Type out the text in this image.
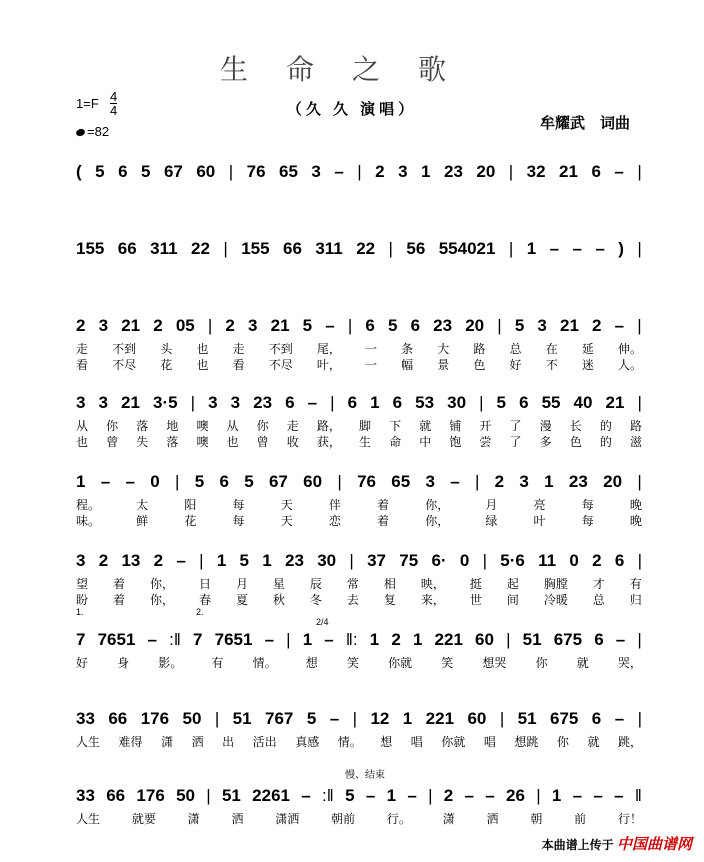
生命之歌
（久 久 演唱）
1=F 4
4
=82	牟耀武　词曲
1.	2.
2/4
慢、结束
( 5 6 5 67 60 | 76 65 3 – | 2 3 1 23 20 | 32 21 6 – |
155 66 311 22 | 155 66 311 22 | 56 554021 | 1 – – – ) |
2 3 21 2 05 | 2 3 21 5 – | 6 5 6 23 20 | 5 3 21 2 – |
走 不到 头 也 走 不到 尾， 一 条 大 路 总 在 延 伸。
看 不尽 花 也 看 不尽 叶， 一 幅 景 色 好 不 迷 人。
3 3 21 3·5 | 3 3 23 6 – | 6 1 6 53 30 | 5 6 55 40 21 |
从 你 落 地 噢 从 你 走 路， 脚 下 就 铺 开 了 漫 长 的 路
也 曾 失 落 噢 也 曾 收 获， 生 命 中 饱 尝 了 多 色 的 滋
1 – – 0 | 5 6 5 67 60 | 76 65 3 – | 2 3 1 23 20 |
程。	太	阳	每	天	伴	着	你，	月	亮	每	晚
味。	鲜	花	每	天	恋	着	你，	绿	叶	每	晚
3 2 13 2 – | 1 5 1 23 30 | 37 75 6· 0 | 5·6 11 0 2 6 |
望 着 你， 日 月 星 辰 常 相 映， 挺 起 胸膛 才 有
盼 着 你， 春 夏 秋 冬 去 复 来， 世 间 冷暖 总 归
7 7651 – :‖ 7 7651 – | 1 – ‖: 1 2 1 221 60 | 51 675 6 – |
好 身 影。 有 情。 想 笑 你就 笑 想哭 你 就 哭，
33 66 176 50 | 51 767 5 – | 12 1 221 60 | 51 675 6 – |
人生 难得 潇 洒 出 活出 真感 情。 想 唱 你就 唱 想跳 你 就 跳，
33 66 176 50 | 51 2261 – :‖ 5 – 1 – | 2 – – 26 | 1 – – – ‖
人生	就要	潇	洒	潇洒	朝前	行。	潇	洒	朝	前	行！
本曲谱上传于 中国曲谱网
